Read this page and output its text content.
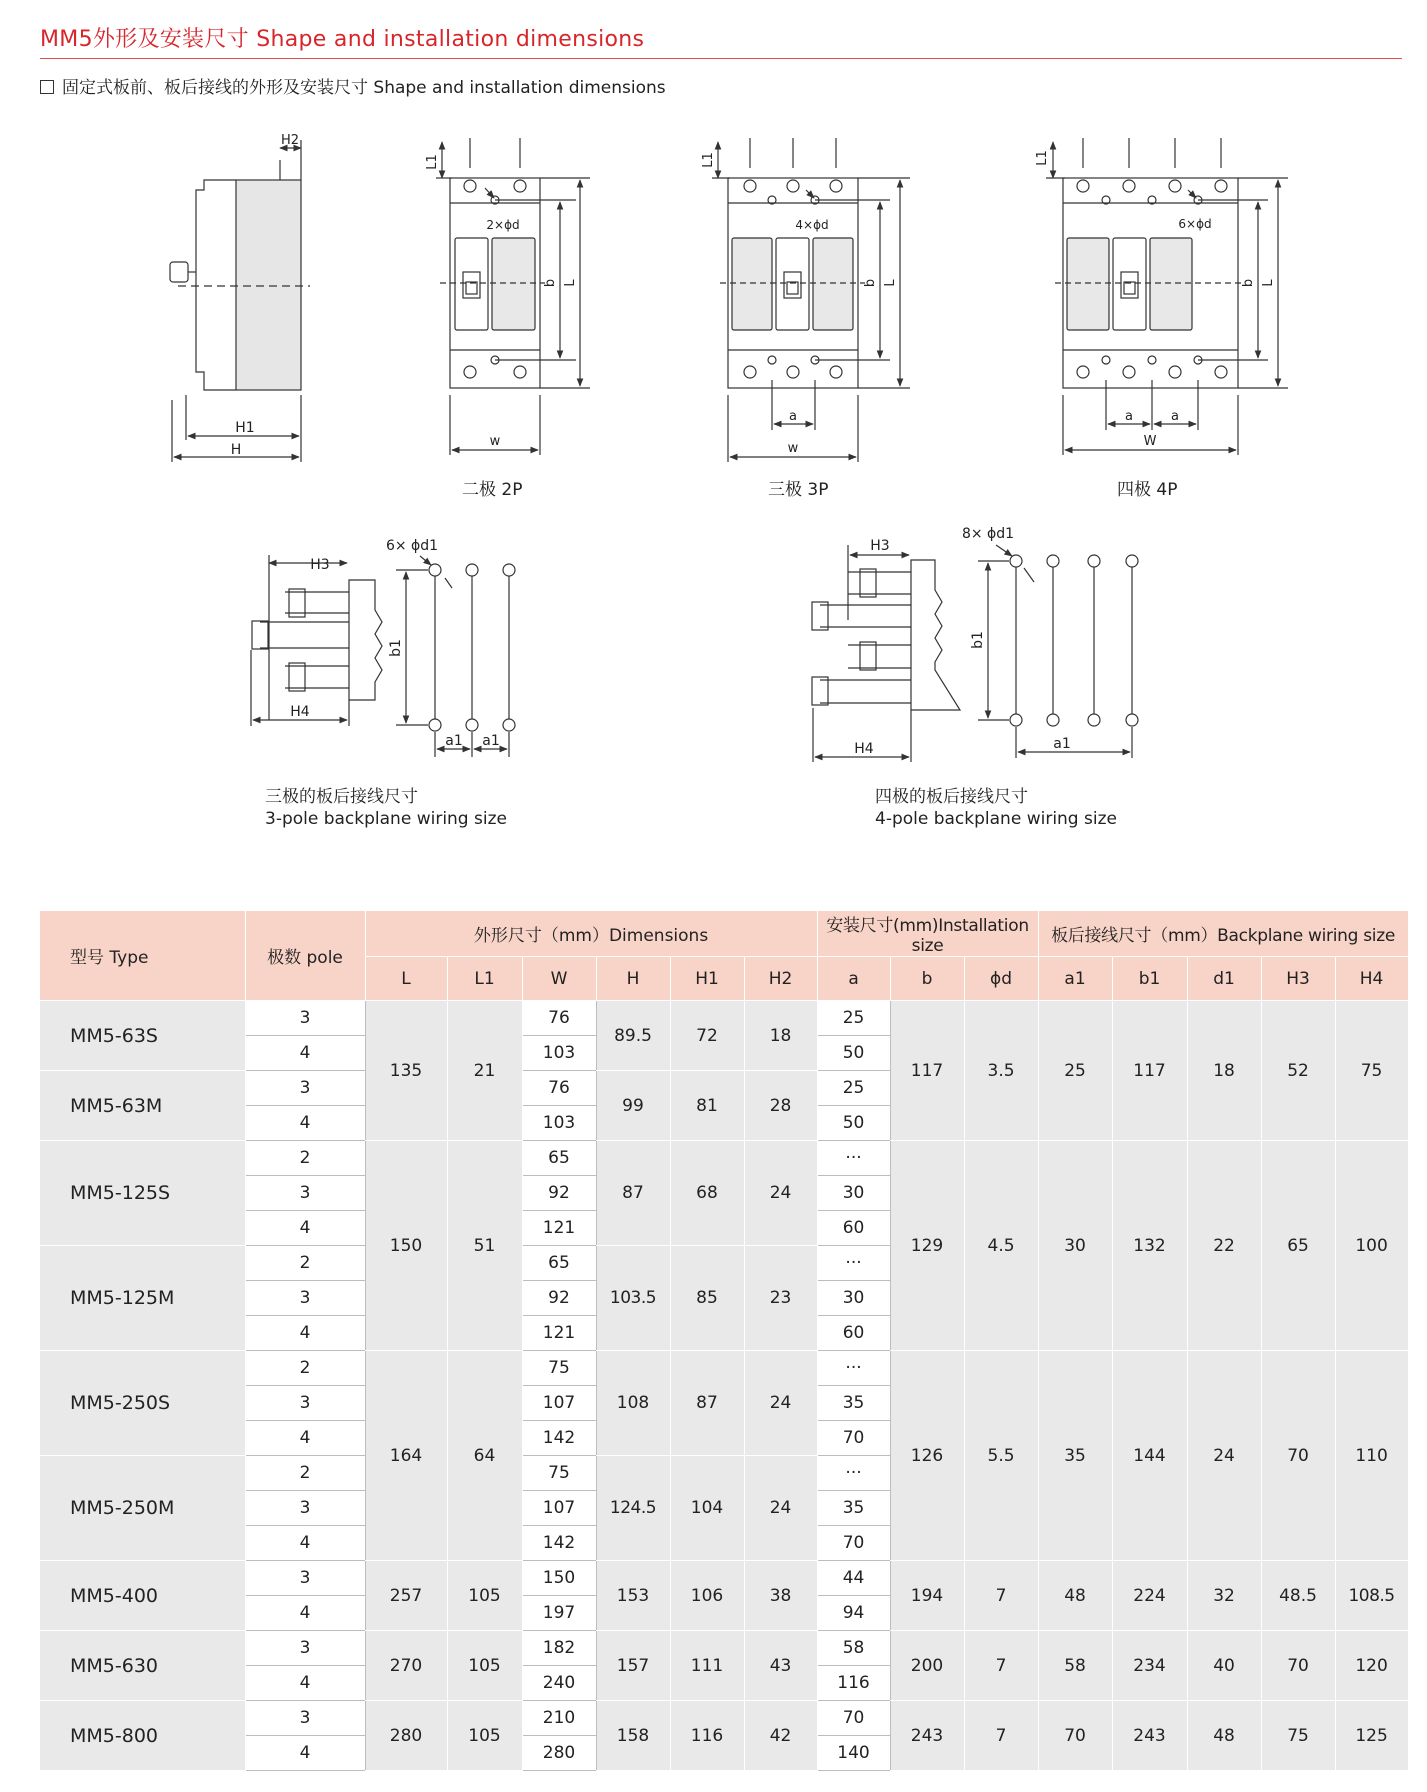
MM5外形及安装尺寸 Shape and installation dimensions
固定式板前、板后接线的外形及安装尺寸 Shape and installation dimensions
H2
H1
H
L1
2×ϕd
b L
w
L1
4×ϕd
b L
a
w
L1
6×ϕd
b L
a	a
W
H3
H4
6× ϕd1
b1
a1 a1
H3
H4
8× ϕd1
b1
a1
二极 2P	三极 3P	四极 4P
三极的板后接线尺寸
3-pole backplane wiring size
四极的板后接线尺寸
4-pole backplane wiring size
型号 Type	极数 pole	外形尺寸（mm）Dimensions						安装尺寸(mm)Installation size			板后接线尺寸（mm）Backplane wiring size				
		L	L1	W	H	H1	H2	a	b	ϕd	a1	b1	d1	H3	H4
MM5-63S	3	135	21	76	89.5	72	18	25	117	3.5	25	117	18	52	75
	4			103				50							
MM5-63M	3			76	99	81	28	25							
	4			103				50							
MM5-125S	2	150	51	65	87	68	24	···	129	4.5	30	132	22	65	100
	3			92				30							
	4			121				60							
MM5-125M	2			65	103.5	85	23	···							
	3			92				30							
	4			121				60							
MM5-250S	2	164	64	75	108	87	24	···	126	5.5	35	144	24	70	110
	3			107				35							
	4			142				70							
MM5-250M	2			75	124.5	104	24	···							
	3			107				35							
	4			142				70							
MM5-400	3	257	105	150	153	106	38	44	194	7	48	224	32	48.5	108.5
	4			197				94							
MM5-630	3	270	105	182	157	111	43	58	200	7	58	234	40	70	120
	4			240				116							
MM5-800	3	280	105	210	158	116	42	70	243	7	70	243	48	75	125
	4			280				140							
